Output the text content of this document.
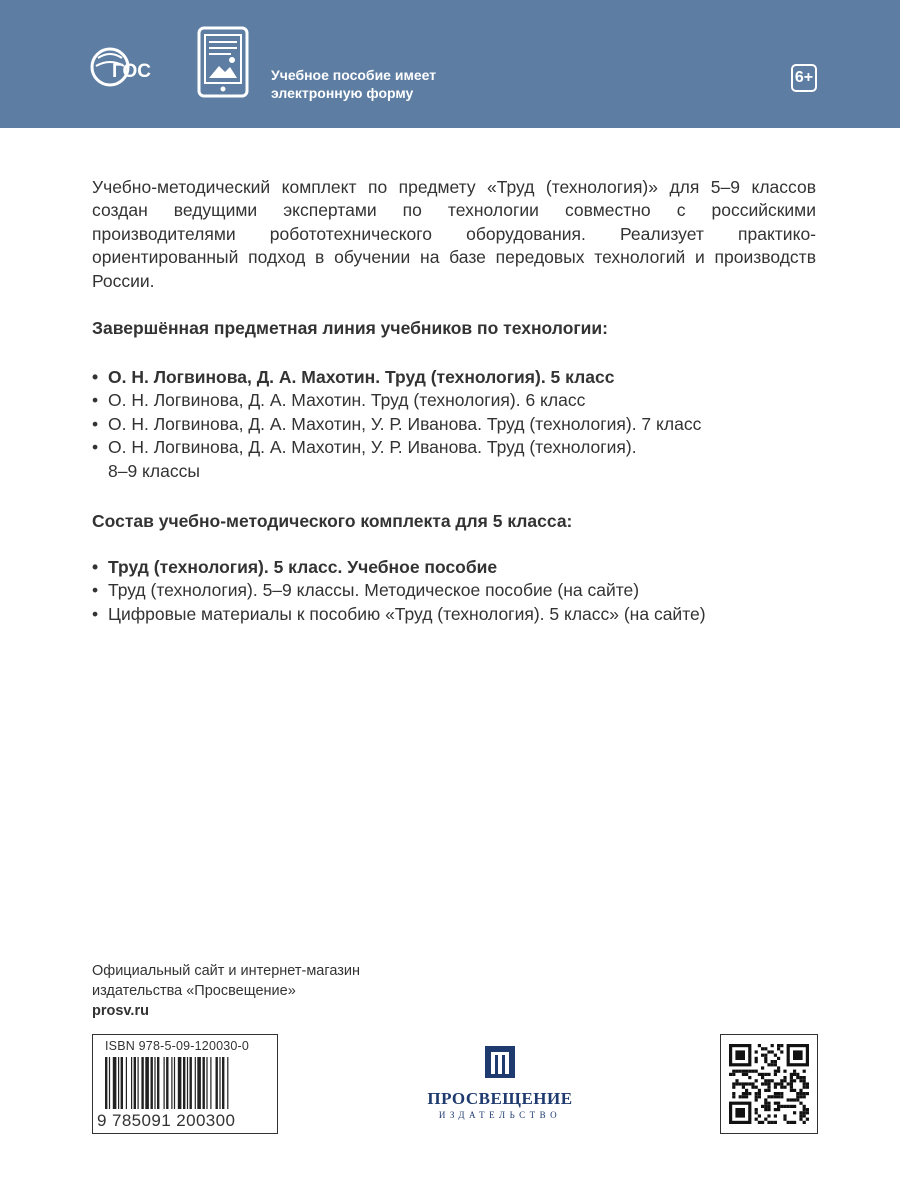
ГОС	Учебное пособие имеет
электронную форму
6+

Учебно-методический комплект по предмету «Труд (технология)» для 5–9 классов создан ведущими экспертами по технологии совместно с российскими производителями робототехнического оборудования. Реализует практико-ориентированный подход в обучении на базе передовых технологий и производств России.

Завершённая предметная линия учебников по технологии:

• О. Н. Логвинова, Д. А. Махотин. Труд (технология). 5 класс
• О. Н. Логвинова, Д. А. Махотин. Труд (технология). 6 класс
• О. Н. Логвинова, Д. А. Махотин, У. Р. Иванова. Труд (технология). 7 класс
• О. Н. Логвинова, Д. А. Махотин, У. Р. Иванова. Труд (технология).
8–9 классы

Состав учебно-методического комплекта для 5 класса:

• Труд (технология). 5 класс. Учебное пособие
• Труд (технология). 5–9 классы. Методическое пособие (на сайте)
• Цифровые материалы к пособию «Труд (технология). 5 класс» (на сайте)
Официальный сайт и интернет-магазин
издательства «Просвещение»
prosv.ru
ISBN 978-5-09-120030-0
9 785091 200300
ПРОСВЕЩЕНИЕ
ИЗДАТЕЛЬСТВО
